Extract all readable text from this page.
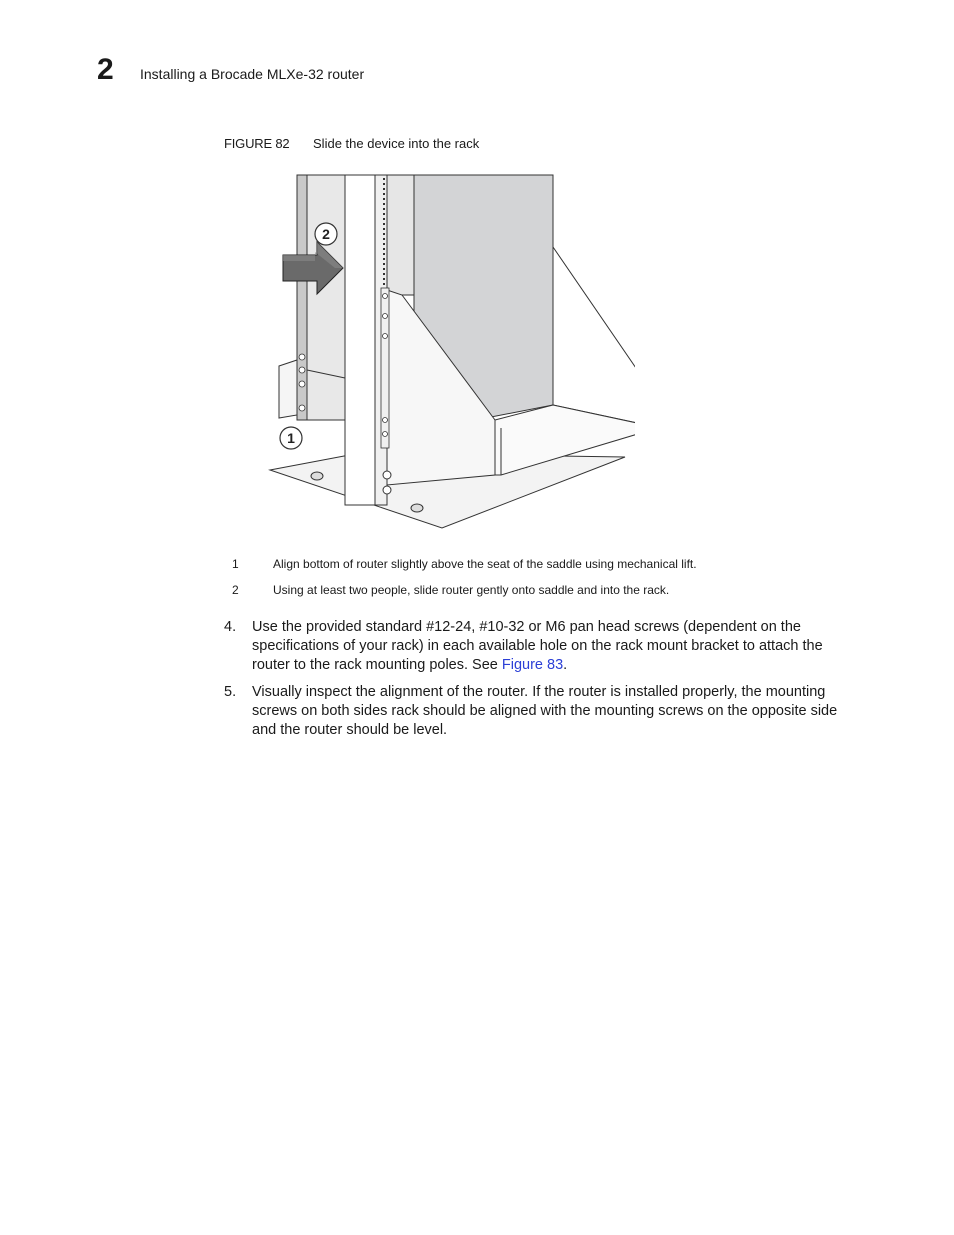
2 Installing a Brocade MLXe-32 router
FIGURE 82 Slide the device into the rack
2
1
1	Align bottom of router slightly above the seat of the saddle using mechanical lift.
2	Using at least two people, slide router gently onto saddle and into the rack.
4. Use the provided standard #12-24, #10-32 or M6 pan head screws (dependent on the specifications of your rack) in each available hole on the rack mount bracket to attach the router to the rack mounting poles. See Figure 83.
5. Visually inspect the alignment of the router. If the router is installed properly, the mounting screws on both sides rack should be aligned with the mounting screws on the opposite side and the router should be level.
